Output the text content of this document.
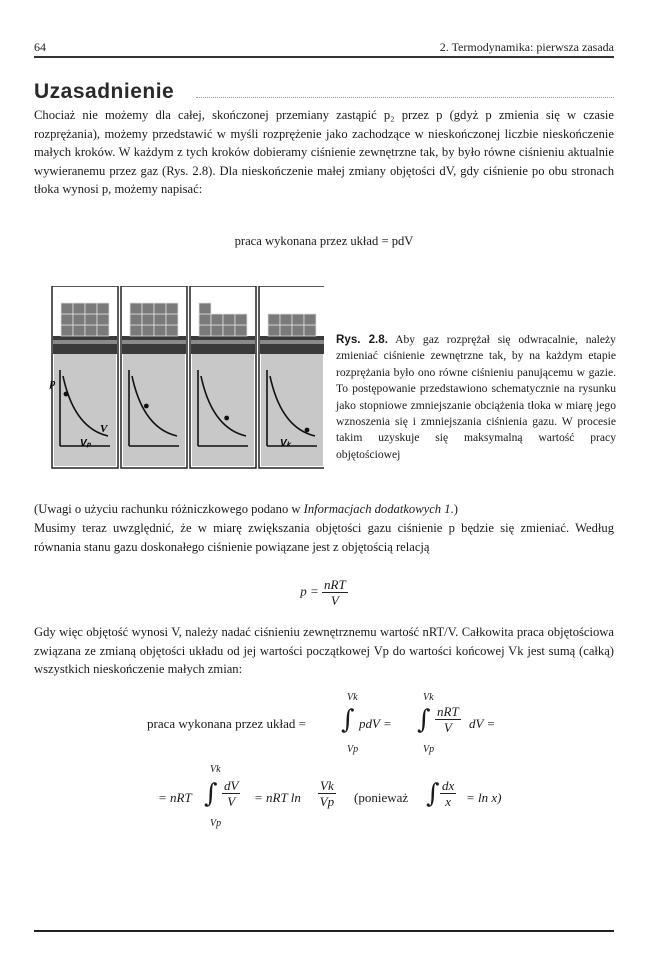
64	2. Termodynamika: pierwsza zasada
Uzasadnienie
Chociaż nie możemy dla całej, skończonej przemiany zastąpić p₂ przez p (gdyż p zmienia się w czasie rozprężania), możemy przedstawić w myśli rozprężenie jako zachodzące w nieskończonej liczbie nieskończenie małych kroków. W każdym z tych kroków dobieramy ciśnienie zewnętrzne tak, by było równe ciśnieniu aktualnie wywieranemu przez gaz (Rys. 2.8). Dla nieskończenie małej zmiany objętości dV, gdy ciśnienie po obu stronach tłoka wynosi p, możemy napisać:
praca wykonana przez układ = pdV
p
V
Vₚ	Vₖ
Rys. 2.8. Aby gaz rozprężał się odwracalnie, należy zmieniać ciśnienie zewnętrzne tak, by na każdym etapie rozprężania było ono równe ciśnieniu panującemu w gazie. To postępowanie przedstawiono schematycznie na rysunku jako stopniowe zmniejszanie obciążenia tłoka w miarę jego wznoszenia się i zmniejszania ciśnienia gazu. W procesie takim uzyskuje się maksymalną wartość pracy objętościowej
(Uwagi o użyciu rachunku różniczkowego podano w Informacjach dodatkowych 1.)
Musimy teraz uwzględnić, że w miarę zwiększania objętości gazu ciśnienie p będzie się zmieniać. Według równania stanu gazu doskonałego ciśnienie powiązane jest z objętością relacją
$p = \frac{\text{nRT}}{V}$
Gdy więc objętość wynosi V, należy nadać ciśnieniu zewnętrznemu wartość nRT/V. Całkowita praca objętościowa związana ze zmianą objętości układu od jej wartości początkowej Vp do wartości końcowej Vk jest sumą (całką) wszystkich nieskończenie małych zmian:
praca wykonana przez układ =
Vk
∫
Vp
pdV =
Vk
∫
Vp
nRT
V	dV =
= nRT
Vk
∫
Vp
$\frac{dV}{V}$ = nRT $\ln \frac{Vk}{Vp}$ (ponieważ ∫ $\frac{dx}{x} = \ln x$)
